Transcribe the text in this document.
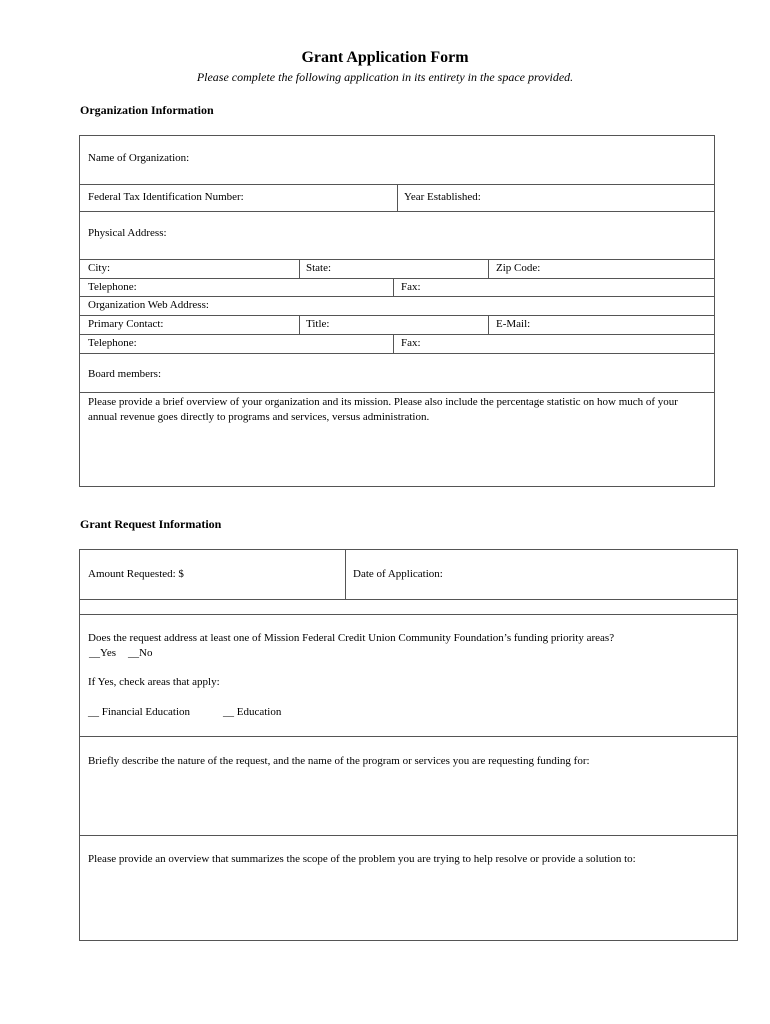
Grant Application Form
Please complete the following application in its entirety in the space provided.
Organization Information
Name of Organization:
Federal Tax Identification Number:	Year Established:
Physical Address:
City:	State:	Zip Code:
Telephone:	Fax:
Organization Web Address:
Primary Contact:	Title:	E-Mail:
Telephone:	Fax:
Board members:
Please provide a brief overview of your organization and its mission. Please also include the percentage statistic on how much of your annual revenue goes directly to programs and services, versus administration.
Grant Request Information
Amount Requested: $	Date of Application:
Does the request address at least one of Mission Federal Credit Union Community Foundation’s funding priority areas?
__Yes __No
If Yes, check areas that apply:
__ Financial Education	__ Education
Briefly describe the nature of the request, and the name of the program or services you are requesting funding for:
Please provide an overview that summarizes the scope of the problem you are trying to help resolve or provide a solution to:
